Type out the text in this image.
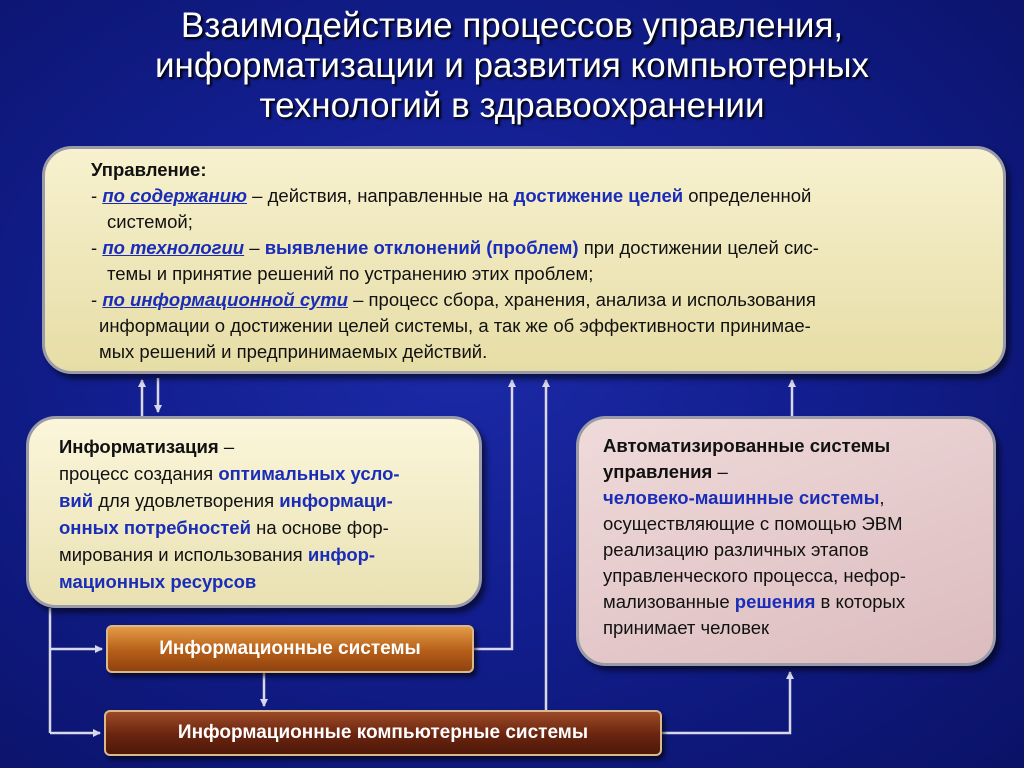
Взаимодействие процессов управления,
информатизации и развития компьютерных
технологий в здравоохранении
Управление:
- по содержанию – действия, направленные на достижение целей определенной
системой;
- по технологии – выявление отклонений (проблем) при достижении целей сис-
темы и принятие решений по устранению этих проблем;
- по информационной сути – процесс сбора, хранения, анализа и использования
информации о достижении целей системы, а так же об эффективности принимае-
мых решений и предпринимаемых действий.
Информатизация –
процесс создания оптимальных усло-
вий для удовлетворения информаци-
онных потребностей на основе фор-
мирования и использования инфор-
мационных ресурсов
Автоматизированные системы
управления –
человеко-машинные системы,
осуществляющие с помощью ЭВМ
реализацию различных этапов
управленческого процесса, нефор-
мализованные решения в которых
принимает человек
Информационные системы
Информационные компьютерные системы
